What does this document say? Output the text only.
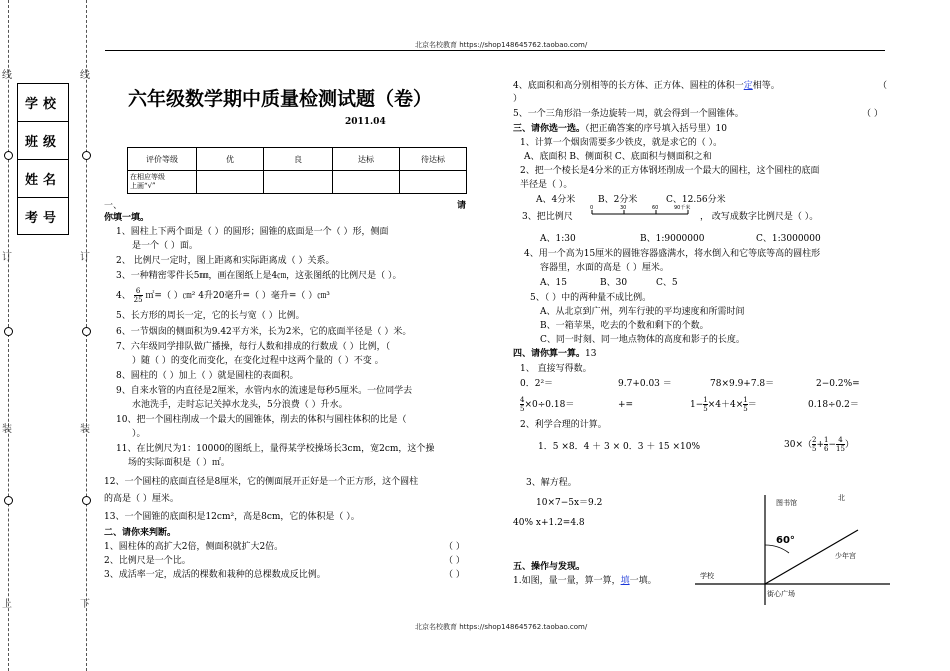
北京名校教育 https://shop148645762.taobao.com/
北京名校教育 https://shop148645762.taobao.com/
线
订
装
上
线
订
装
下
学校
班级
姓名
考号
六年级数学期中质量检测试题（卷）
2011.04
评价等级	优	良	达标	待达标
在相应等级
上画“√”				
一、	请
你填一填。
1、圆柱上下两个面是（ ）的圆形；圆锥的底面是一个（ ）形，侧面
是一个（ ）面。
2、 比例尺一定时，图上距离和实际距离成（ ）关系。
3、一种精密零件长5㎜，画在图纸上是4㎝，这张图纸的比例尺是（ ）。
4、 $\frac{6}{25}$ ㎡=（ ）㎝² 4升20毫升=（ ）毫升=（ ）㎝³
5、长方形的周长一定，它的长与宽（ ）比例。
6、一节烟囱的侧面积为9.42平方米，长为2米，它的底面半径是（ ）米。
7、六年级同学排队做广播操，每行人数和排成的行数成（ ）比例，（
）随（ ）的变化而变化，在变化过程中这两个量的（ ）不变 。
8、圆柱的（ ）加上（ ）就是圆柱的表面积。
9、自来水管的内直径是2厘米，水管内水的流速是每秒5厘米。一位同学去
水池洗手，走时忘记关掉水龙头，5分浪费（ ）升水。
10、把一个圆柱削成一个最大的圆锥体，削去的体积与圆柱体积的比是（
）。
11、在比例尺为1：10000的图纸上，量得某学校操场长3cm，宽2cm，这个操
场的实际面积是（ ）㎡。
12、一个圆柱的底面直径是8厘米，它的侧面展开正好是一个正方形，这个圆柱
的高是（ ）厘米。
13、一个圆锥的底面积是12cm²，高是8cm，它的体积是（ ）。
二、请你来判断。
1、圆柱体的高扩大2倍，侧面积就扩大2倍。	（ ）
2、比例尺是一个比。	（ ）
3、成活率一定，成活的棵数和栽种的总棵数成反比例。	（ ）
4、底面积和高分别相等的长方体、正方体、圆柱的体积一定相等。	（
）
5、一个三角形沿一条边旋转一周，就会得到一个圆锥体。	（ ）
三、请你选一选。（把正确答案的序号填入括号里）10
1、计算一个烟囱需要多少铁皮，就是求它的（ ）。
A、底面积 B、侧面积 C、底面积与侧面积之和
2、把一个棱长是4分米的正方体钢坯削成一个最大的圆柱，这个圆柱的底面
半径是（ ）。
A、4分米	B、2分米	C、12.56分米
3、把比例尺
0	30	60	90千米
， 改写成数字比例尺是（ ）。
A、1:30	B、1:9000000	C、1:3000000
4、用一个高为15厘米的圆锥容器盛满水，将水倒入和它等底等高的圆柱形
容器里，水面的高是（ ）厘米。
A、15	B、30	C、5
5、（ ）中的两种量不成比例。
A、从北京到广州，列车行驶的平均速度和所需时间
B、一箱苹果，吃去的个数和剩下的个数。
C、同一时刻、同一地点物体的高度和影子的长度。
四、请你算一算。13
1、 直接写得数。
0．2²＝	9.7+0.03 ＝	78×9.9+7.8＝	2−0.2%=
$\frac{4}{5}\times 0\div 0.18=$	+=	$1- \frac{1}{5}\times 4+4\times \frac{1}{5}=$	0.18÷0.2＝
2、利学合理的计算。
1．5 ×8．4 ＋ 3 × 0．3 ＋ 15 ×10%	$30\times( \frac{2}{5}+ \frac{1}{6}- \frac{4}{15})$
3、解方程。
10×7−5x＝9.2
40% x+1.2=4.8
五、操作与发现。
1.如图，量一量，算一算，填一填。
北
图书馆
60°
少年宫
学校
街心广场
